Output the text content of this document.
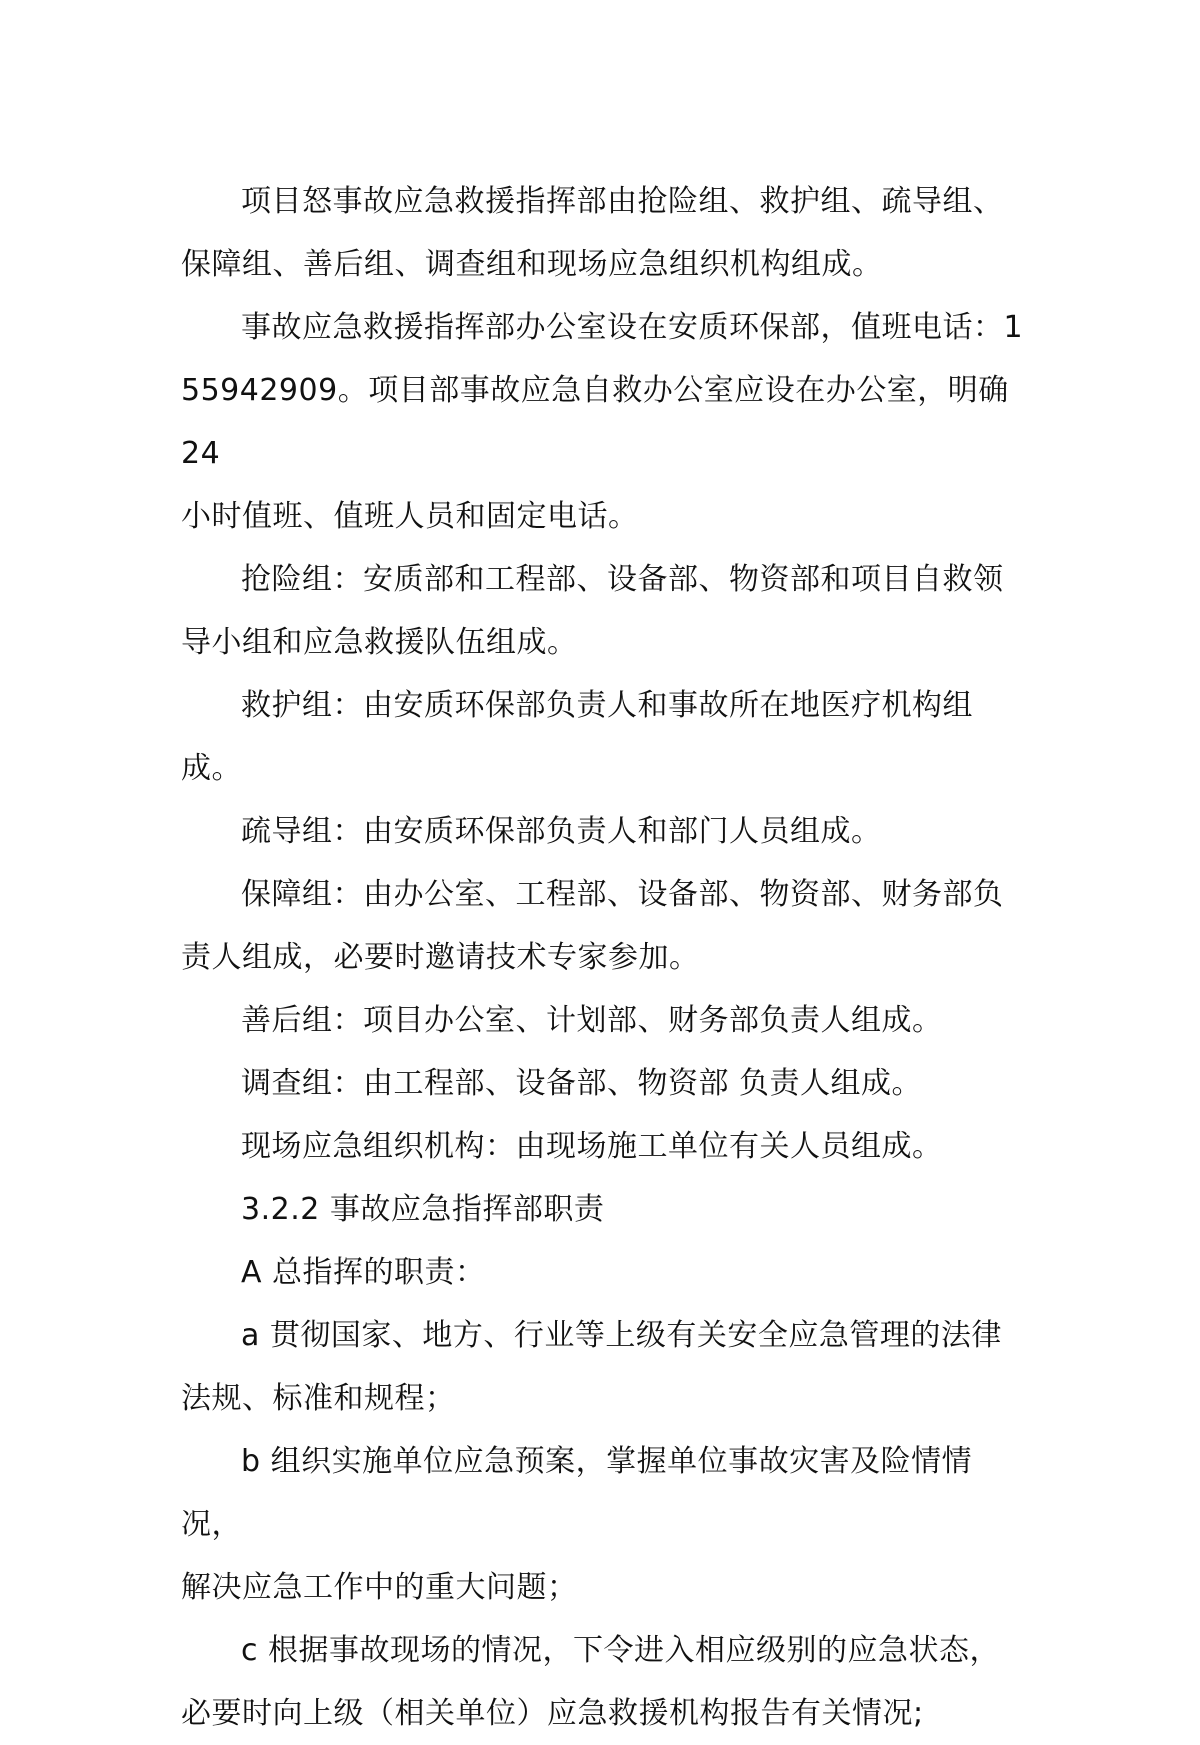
项目怒事故应急救援指挥部由抢险组、救护组、疏导组、
保障组、善后组、调查组和现场应急组织机构组成。

事故应急救援指挥部办公室设在安质环保部，值班电话：1
55942909。项目部事故应急自救办公室应设在办公室，明确 24
小时值班、值班人员和固定电话。

抢险组：安质部和工程部、设备部、物资部和项目自救领
导小组和应急救援队伍组成。

救护组：由安质环保部负责人和事故所在地医疗机构组成。

疏导组：由安质环保部负责人和部门人员组成。

保障组：由办公室、工程部、设备部、物资部、财务部负
责人组成，必要时邀请技术专家参加。

善后组：项目办公室、计划部、财务部负责人组成。

调查组：由工程部、设备部、物资部 负责人组成。

现场应急组织机构：由现场施工单位有关人员组成。

3.2.2 事故应急指挥部职责

A 总指挥的职责：

a 贯彻国家、地方、行业等上级有关安全应急管理的法律
法规、标准和规程；

b 组织实施单位应急预案，掌握单位事故灾害及险情情况，
解决应急工作中的重大问题；

c 根据事故现场的情况，下令进入相应级别的应急状态，
必要时向上级（相关单位）应急救援机构报告有关情况;
